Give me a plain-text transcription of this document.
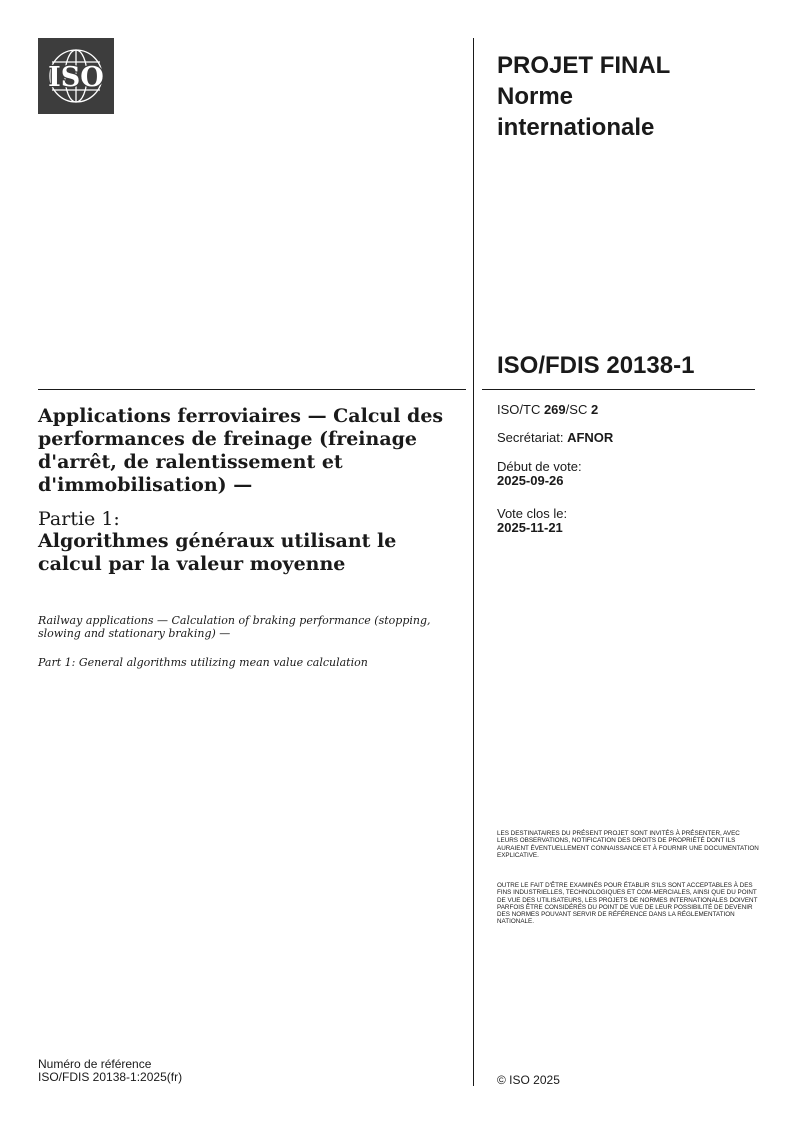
ISO	PROJET FINAL
Norme
internationale
ISO/FDIS 20138-1
ISO/TC 269/SC 2
Secrétariat: AFNOR
Début de vote:
2025-09-26
Vote clos le:
2025-11-21
Applications ferroviaires — Calcul des performances de freinage (freinage d'arrêt, de ralentissement et d'immobilisation) —
Partie 1:
Algorithmes généraux utilisant le calcul par la valeur moyenne
Railway applications — Calculation of braking performance (stopping, slowing and stationary braking) —
Part 1: General algorithms utilizing mean value calculation
LES DESTINATAIRES DU PRÉSENT PROJET SONT INVITÉS À PRÉSENTER, AVEC LEURS OBSERVATIONS, NOTIFICATION DES DROITS DE PROPRIÉTÉ DONT ILS AURAIENT ÉVENTUELLEMENT CONNAISSANCE ET À FOURNIR UNE DOCUMENTATION EXPLICATIVE.
OUTRE LE FAIT D'ÊTRE EXAMINÉS POUR ÉTABLIR S'ILS SONT ACCEPTABLES À DES FINS INDUSTRIELLES, TECHNOLOGIQUES ET COM-MERCIALES, AINSI QUE DU POINT DE VUE DES UTILISATEURS, LES PROJETS DE NORMES INTERNATIONALES DOIVENT PARFOIS ÊTRE CONSIDÉRÉS DU POINT DE VUE DE LEUR POSSIBILITÉ DE DEVENIR DES NORMES POUVANT SERVIR DE RÉFÉRENCE DANS LA RÉGLEMENTATION NATIONALE.
Numéro de référence
ISO/FDIS 20138-1:2025(fr)	© ISO 2025
